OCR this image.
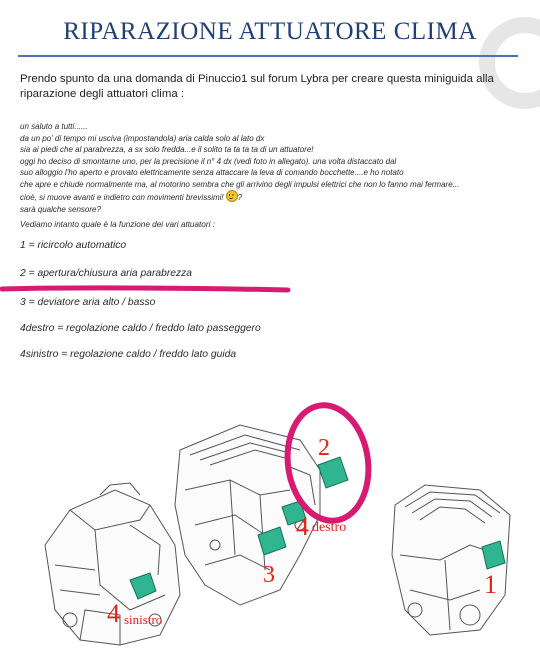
RIPARAZIONE ATTUATORE CLIMA
Prendo spunto da una domanda di Pinuccio1 sul forum Lybra per creare questa miniguida alla riparazione degli attuatori clima :
un saluto a tutti......
da un po' di tempo mi usciva (impostandola) aria calda solo al lato dx
sia ai piedi che al parabrezza, a sx solo fredda...e il solito ta ta ta ta di un attuatore!
oggi ho deciso di smontarne uno, per la precisione il n° 4 dx (vedi foto in allegato). una volta distaccato dal
suo alloggio l'ho aperto e provato elettricamente senza attaccare la leva di comando bocchette....e ho notato
che apre e chiude normalmente ma, al motorino sembra che gli arrivino degli impulsi elettrici che non lo fanno mai fermare...
cioè, si muove avanti e indietro con movimenti brevissimi! ?
sarà qualche sensore?
Vediamo intanto quale è la funzione dei vari attuatori :
1 = ricircolo automatico
2 = apertura/chiusura aria parabrezza
3 = deviatore aria alto / basso
4destro = regolazione caldo / freddo lato passeggero
4sinistro = regolazione caldo / freddo lato guida
2
4 destro
3
4 sinistro
1
